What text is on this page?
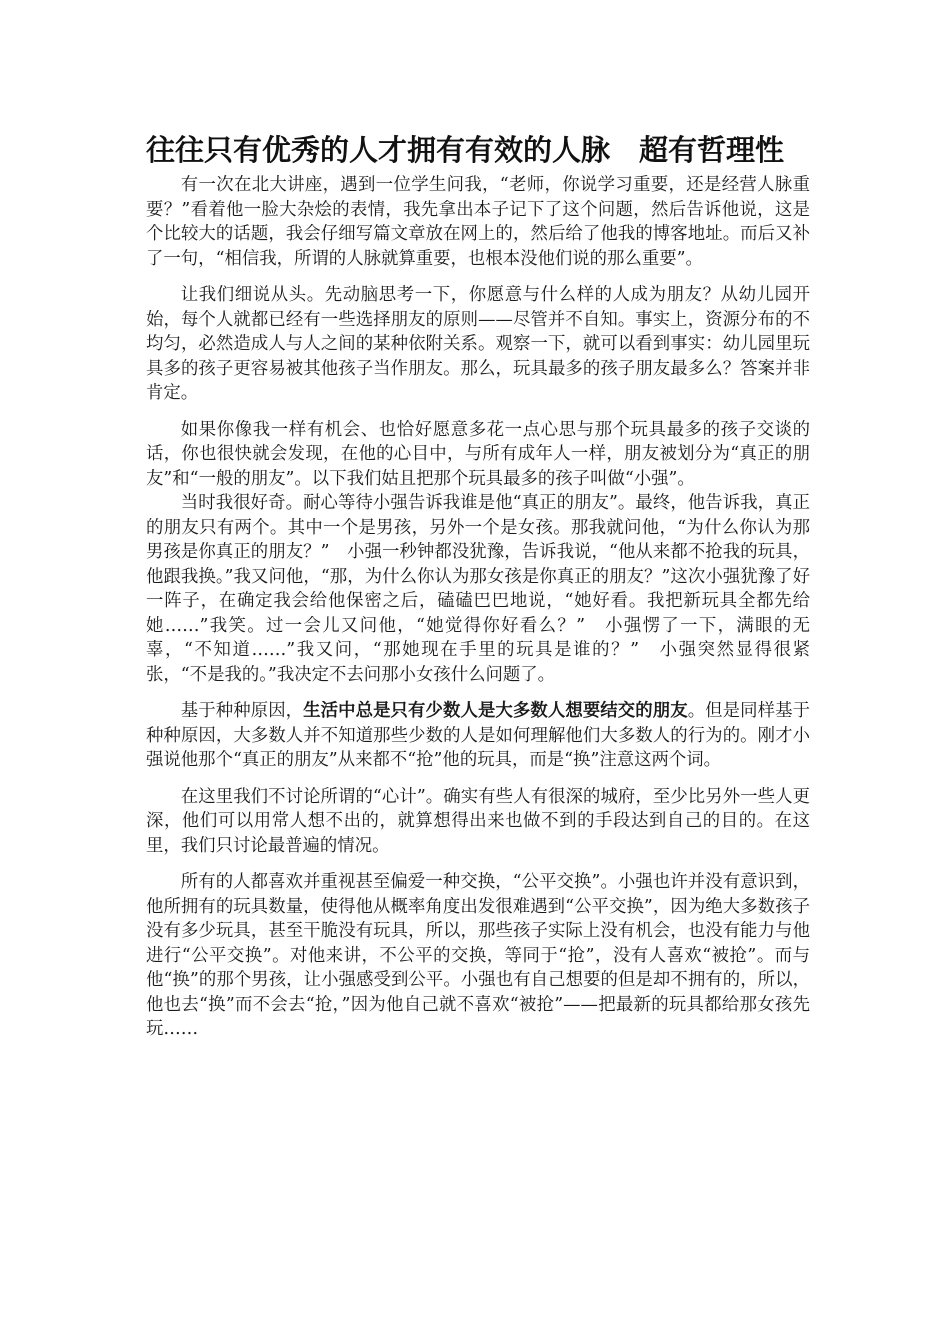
往往只有优秀的人才拥有有效的人脉　超有哲理性

有一次在北大讲座，遇到一位学生问我，“老师，你说学习重要，还是经营人脉重要？”看着他一脸大杂烩的表情，我先拿出本子记下了这个问题，然后告诉他说，这是个比较大的话题，我会仔细写篇文章放在网上的，然后给了他我的博客地址。而后又补了一句，“相信我，所谓的人脉就算重要，也根本没他们说的那么重要”。

让我们细说从头。先动脑思考一下，你愿意与什么样的人成为朋友？从幼儿园开始，每个人就都已经有一些选择朋友的原则——尽管并不自知。事实上，资源分布的不均匀，必然造成人与人之间的某种依附关系。观察一下，就可以看到事实：幼儿园里玩具多的孩子更容易被其他孩子当作朋友。那么，玩具最多的孩子朋友最多么？答案并非肯定。

如果你像我一样有机会、也恰好愿意多花一点心思与那个玩具最多的孩子交谈的话，你也很快就会发现，在他的心目中，与所有成年人一样，朋友被划分为“真正的朋友”和“一般的朋友”。以下我们姑且把那个玩具最多的孩子叫做“小强”。

当时我很好奇。耐心等待小强告诉我谁是他“真正的朋友”。最终，他告诉我，真正的朋友只有两个。其中一个是男孩，另外一个是女孩。那我就问他，“为什么你认为那男孩是你真正的朋友？”　小强一秒钟都没犹豫，告诉我说，“他从来都不抢我的玩具，他跟我换。”我又问他，“那，为什么你认为那女孩是你真正的朋友？”这次小强犹豫了好一阵子，在确定我会给他保密之后，磕磕巴巴地说，“她好看。我把新玩具全都先给她……”我笑。过一会儿又问他，“她觉得你好看么？”　小强愣了一下，满眼的无辜，“不知道……”我又问，“那她现在手里的玩具是谁的？”　小强突然显得很紧张，“不是我的。”我决定不去问那小女孩什么问题了。

基于种种原因，生活中总是只有少数人是大多数人想要结交的朋友。但是同样基于种种原因，大多数人并不知道那些少数的人是如何理解他们大多数人的行为的。刚才小强说他那个“真正的朋友”从来都不“抢”他的玩具，而是“换”注意这两个词。

在这里我们不讨论所谓的“心计”。确实有些人有很深的城府，至少比另外一些人更深，他们可以用常人想不出的，就算想得出来也做不到的手段达到自己的目的。在这里，我们只讨论最普遍的情况。

所有的人都喜欢并重视甚至偏爱一种交换，“公平交换”。小强也许并没有意识到，他所拥有的玩具数量，使得他从概率角度出发很难遇到“公平交换”，因为绝大多数孩子没有多少玩具，甚至干脆没有玩具，所以，那些孩子实际上没有机会，也没有能力与他进行“公平交换”。对他来讲，不公平的交换，等同于“抢”，没有人喜欢“被抢”。而与他“换”的那个男孩，让小强感受到公平。小强也有自己想要的但是却不拥有的，所以，他也去“换”而不会去“抢，”因为他自己就不喜欢“被抢”——把最新的玩具都给那女孩先玩……
